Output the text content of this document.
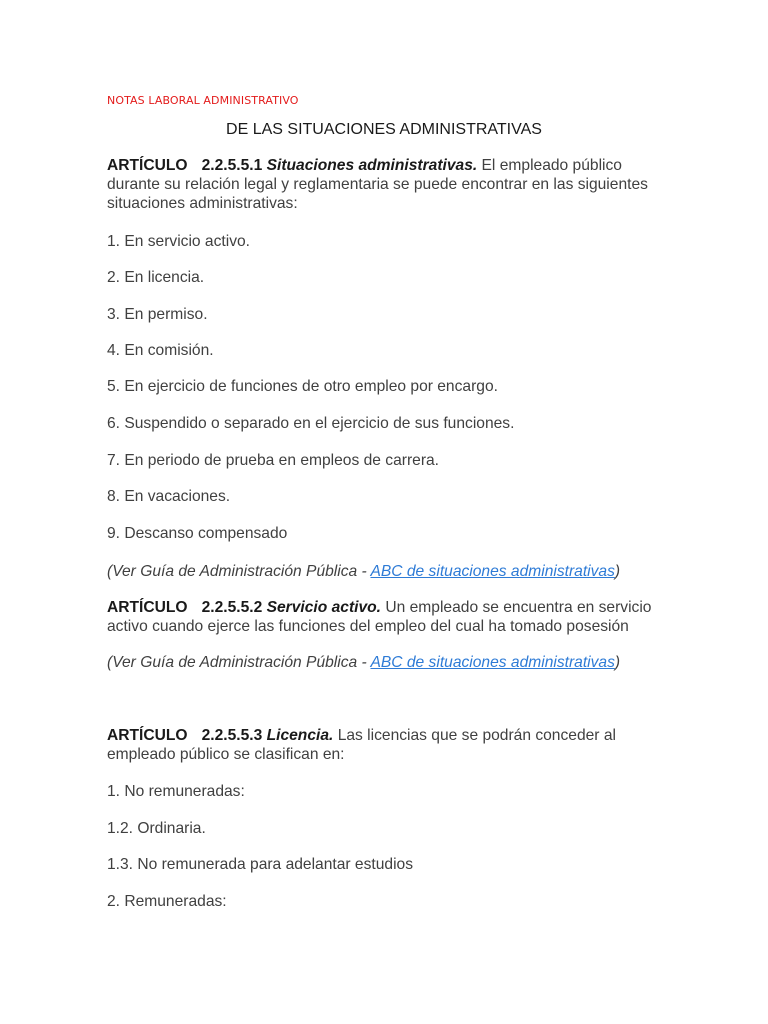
NOTAS LABORAL ADMINISTRATIVO
DE LAS SITUACIONES ADMINISTRATIVAS
ARTÍCULO 2.2.5.5.1 Situaciones administrativas. El empleado público durante su relación legal y reglamentaria se puede encontrar en las siguientes situaciones administrativas:
1. En servicio activo.
2. En licencia.
3. En permiso.
4. En comisión.
5. En ejercicio de funciones de otro empleo por encargo.
6. Suspendido o separado en el ejercicio de sus funciones.
7. En periodo de prueba en empleos de carrera.
8. En vacaciones.
9. Descanso compensado
(Ver Guía de Administración Pública - ABC de situaciones administrativas)
ARTÍCULO 2.2.5.5.2 Servicio activo. Un empleado se encuentra en servicio activo cuando ejerce las funciones del empleo del cual ha tomado posesión
(Ver Guía de Administración Pública - ABC de situaciones administrativas)
ARTÍCULO 2.2.5.5.3 Licencia. Las licencias que se podrán conceder al empleado público se clasifican en:
1. No remuneradas:
1.2. Ordinaria.
1.3. No remunerada para adelantar estudios
2. Remuneradas:
